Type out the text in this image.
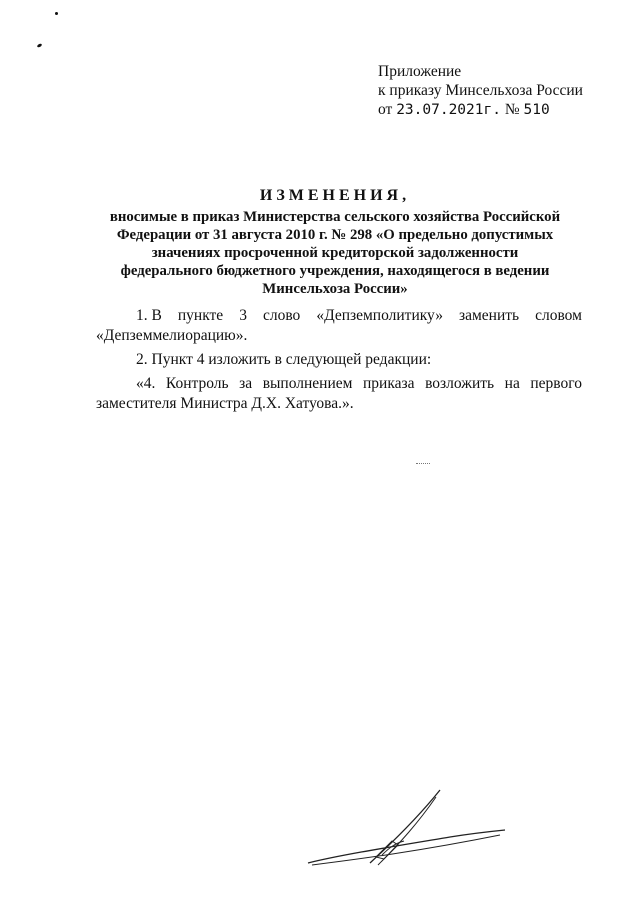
Приложение
к приказу Минсельхоза России
от 23.07.2021г. № 510
ИЗМЕНЕНИЯ,
вносимые в приказ Министерства сельского хозяйства Российской
Федерации от 31 августа 2010 г. № 298 «О предельно допустимых
значениях просроченной кредиторской задолженности
федерального бюджетного учреждения, находящегося в ведении
Минсельхоза России»
1. В пункте 3 слово «Депземполитику» заменить словом
«Депземмелиорацию».

2. Пункт 4 изложить в следующей редакции:

«4. Контроль за выполнением приказа возложить на первого заместителя Министра Д.Х. Хатуова.».
